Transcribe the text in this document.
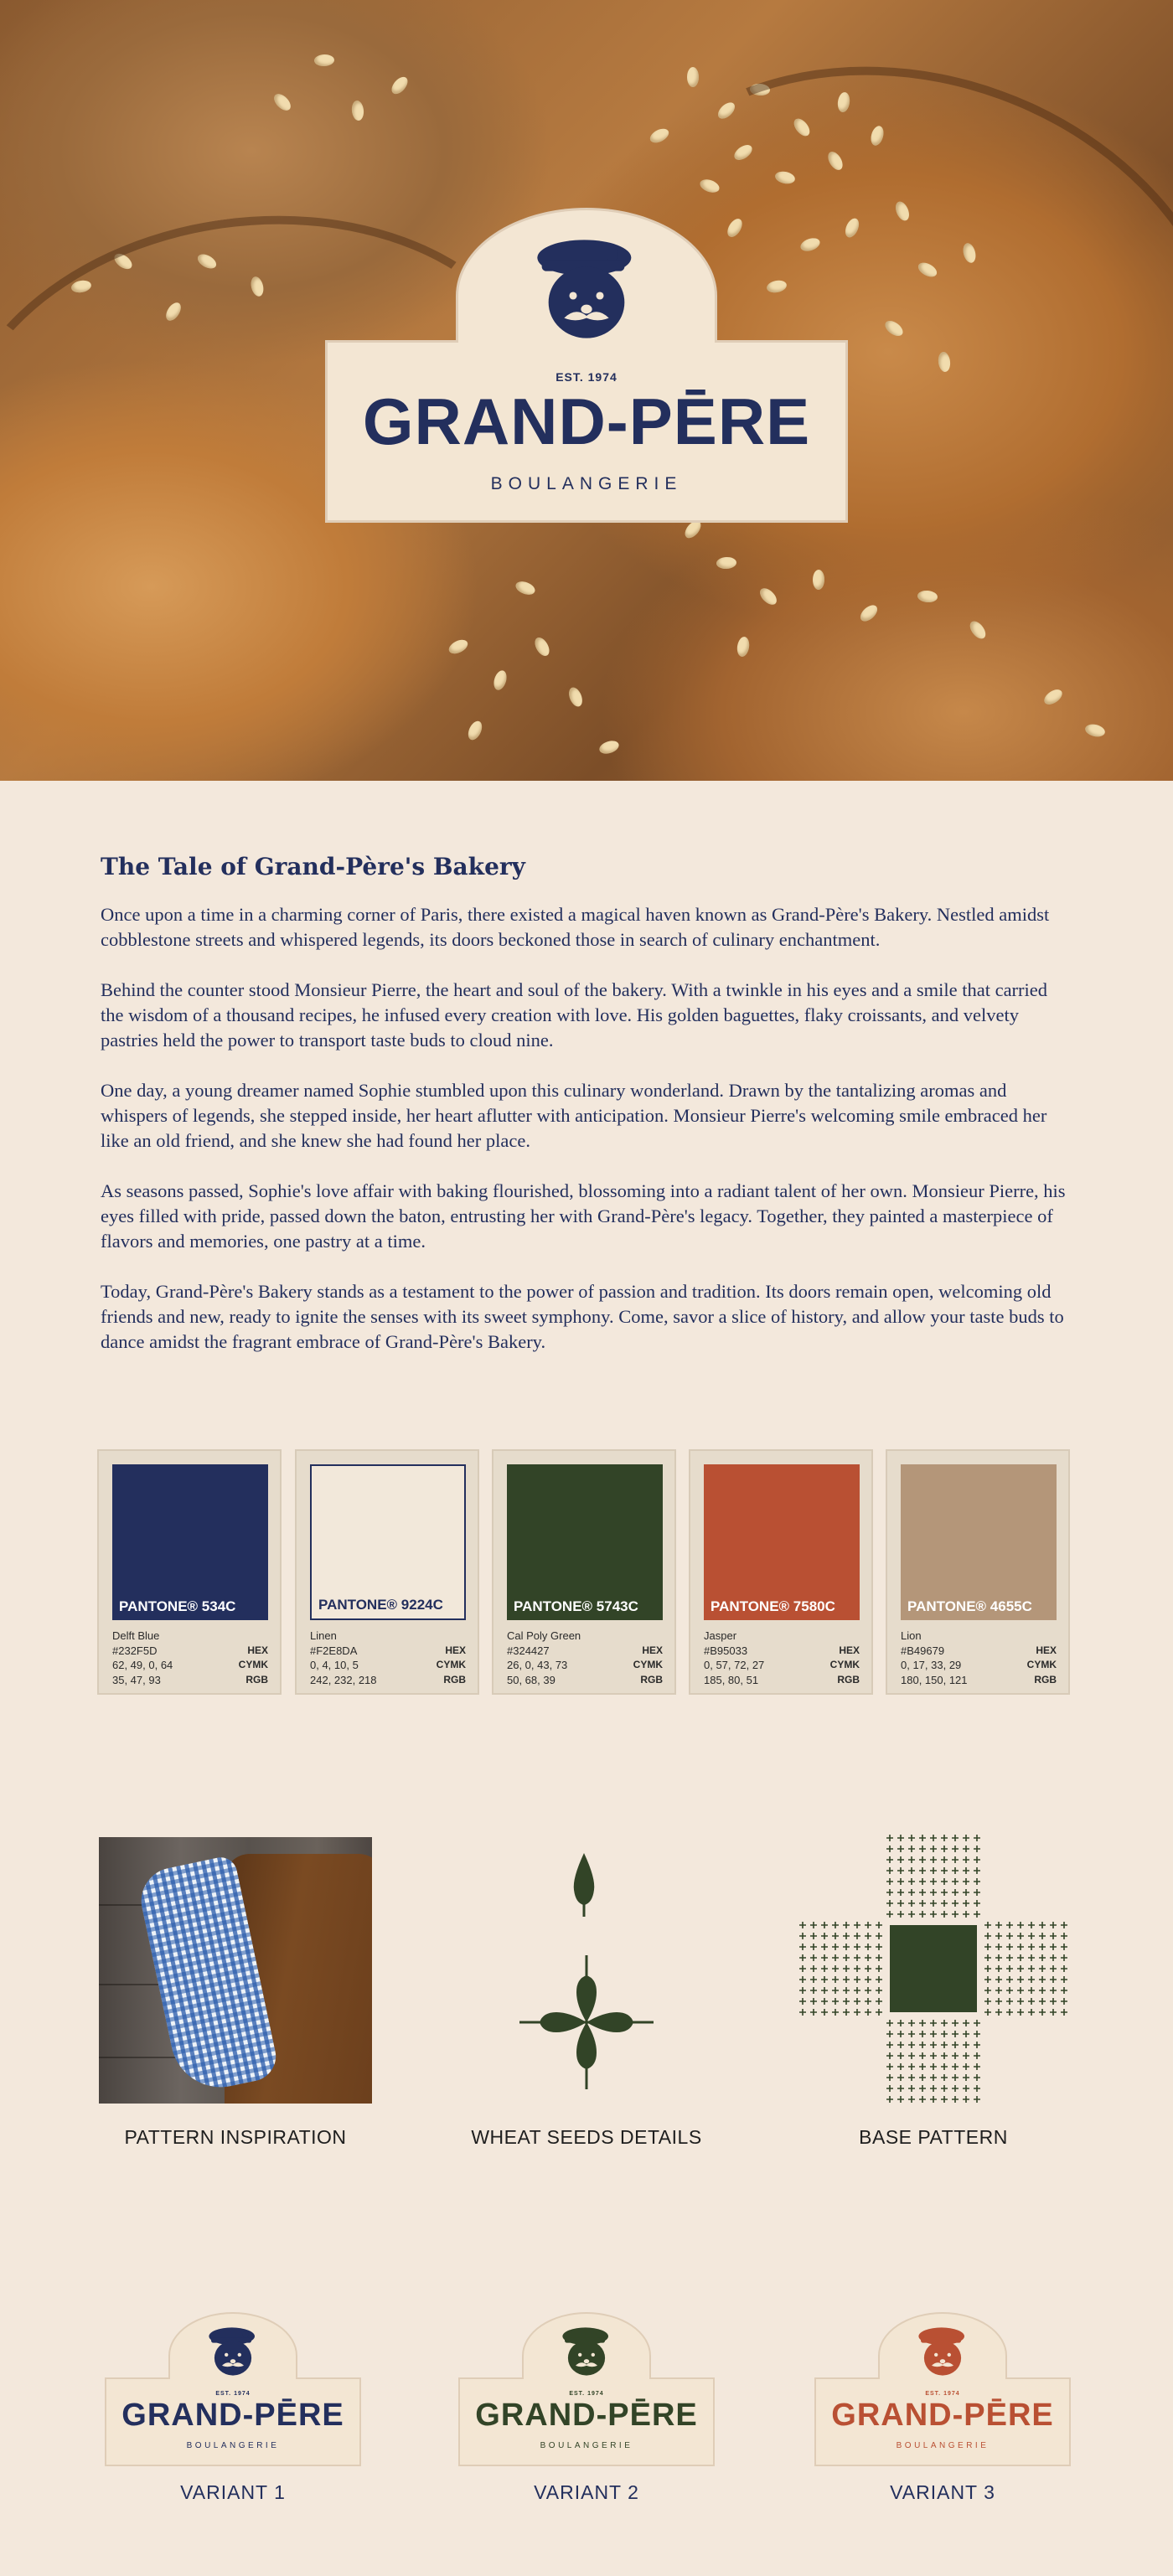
EST. 1974
GRAND-PĒRE
BOULANGERIE
The Tale of Grand-Père's Bakery

Once upon a time in a charming corner of Paris, there existed a magical haven known as Grand-Père's Bakery. Nestled amidst cobblestone streets and whispered legends, its doors beckoned those in search of culinary enchantment.

Behind the counter stood Monsieur Pierre, the heart and soul of the bakery. With a twinkle in his eyes and a smile that carried the wisdom of a thousand recipes, he infused every creation with love. His golden baguettes, flaky croissants, and velvety pastries held the power to transport taste buds to cloud nine.

One day, a young dreamer named Sophie stumbled upon this culinary wonderland. Drawn by the tantalizing aromas and whispers of legends, she stepped inside, her heart aflutter with anticipation. Monsieur Pierre's welcoming smile embraced her like an old friend, and she knew she had found her place.

As seasons passed, Sophie's love affair with baking flourished, blossoming into a radiant talent of her own. Monsieur Pierre, his eyes filled with pride, passed down the baton, entrusting her with Grand-Père's legacy. Together, they painted a masterpiece of flavors and memories, one pastry at a time.

Today, Grand-Père's Bakery stands as a testament to the power of passion and tradition. Its doors remain open, welcoming old friends and new, ready to ignite the senses with its sweet symphony. Come, savor a slice of history, and allow your taste buds to dance amidst the fragrant embrace of Grand-Père's Bakery.

PANTONE® 534C
Delft Blue
#232F5D	HEX
62, 49, 0, 64	CYMK
35, 47, 93	RGB
PANTONE® 9224C
Linen
#F2E8DA	HEX
0, 4, 10, 5	CYMK
242, 232, 218	RGB
PANTONE® 5743C
Cal Poly Green
#324427	HEX
26, 0, 43, 73	CYMK
50, 68, 39	RGB
PANTONE® 7580C
Jasper
#B95033	HEX
0, 57, 72, 27	CYMK
185, 80, 51	RGB
PANTONE® 4655C
Lion
#B49679	HEX
0, 17, 33, 29	CYMK
180, 150, 121	RGB
PATTERN INSPIRATION	WHEAT SEEDS DETAILS	BASE PATTERN
EST. 1974
GRAND-PĒRE
BOULANGERIE
VARIANT 1
EST. 1974
GRAND-PĒRE
BOULANGERIE
VARIANT 2
EST. 1974
GRAND-PĒRE
BOULANGERIE
VARIANT 3
